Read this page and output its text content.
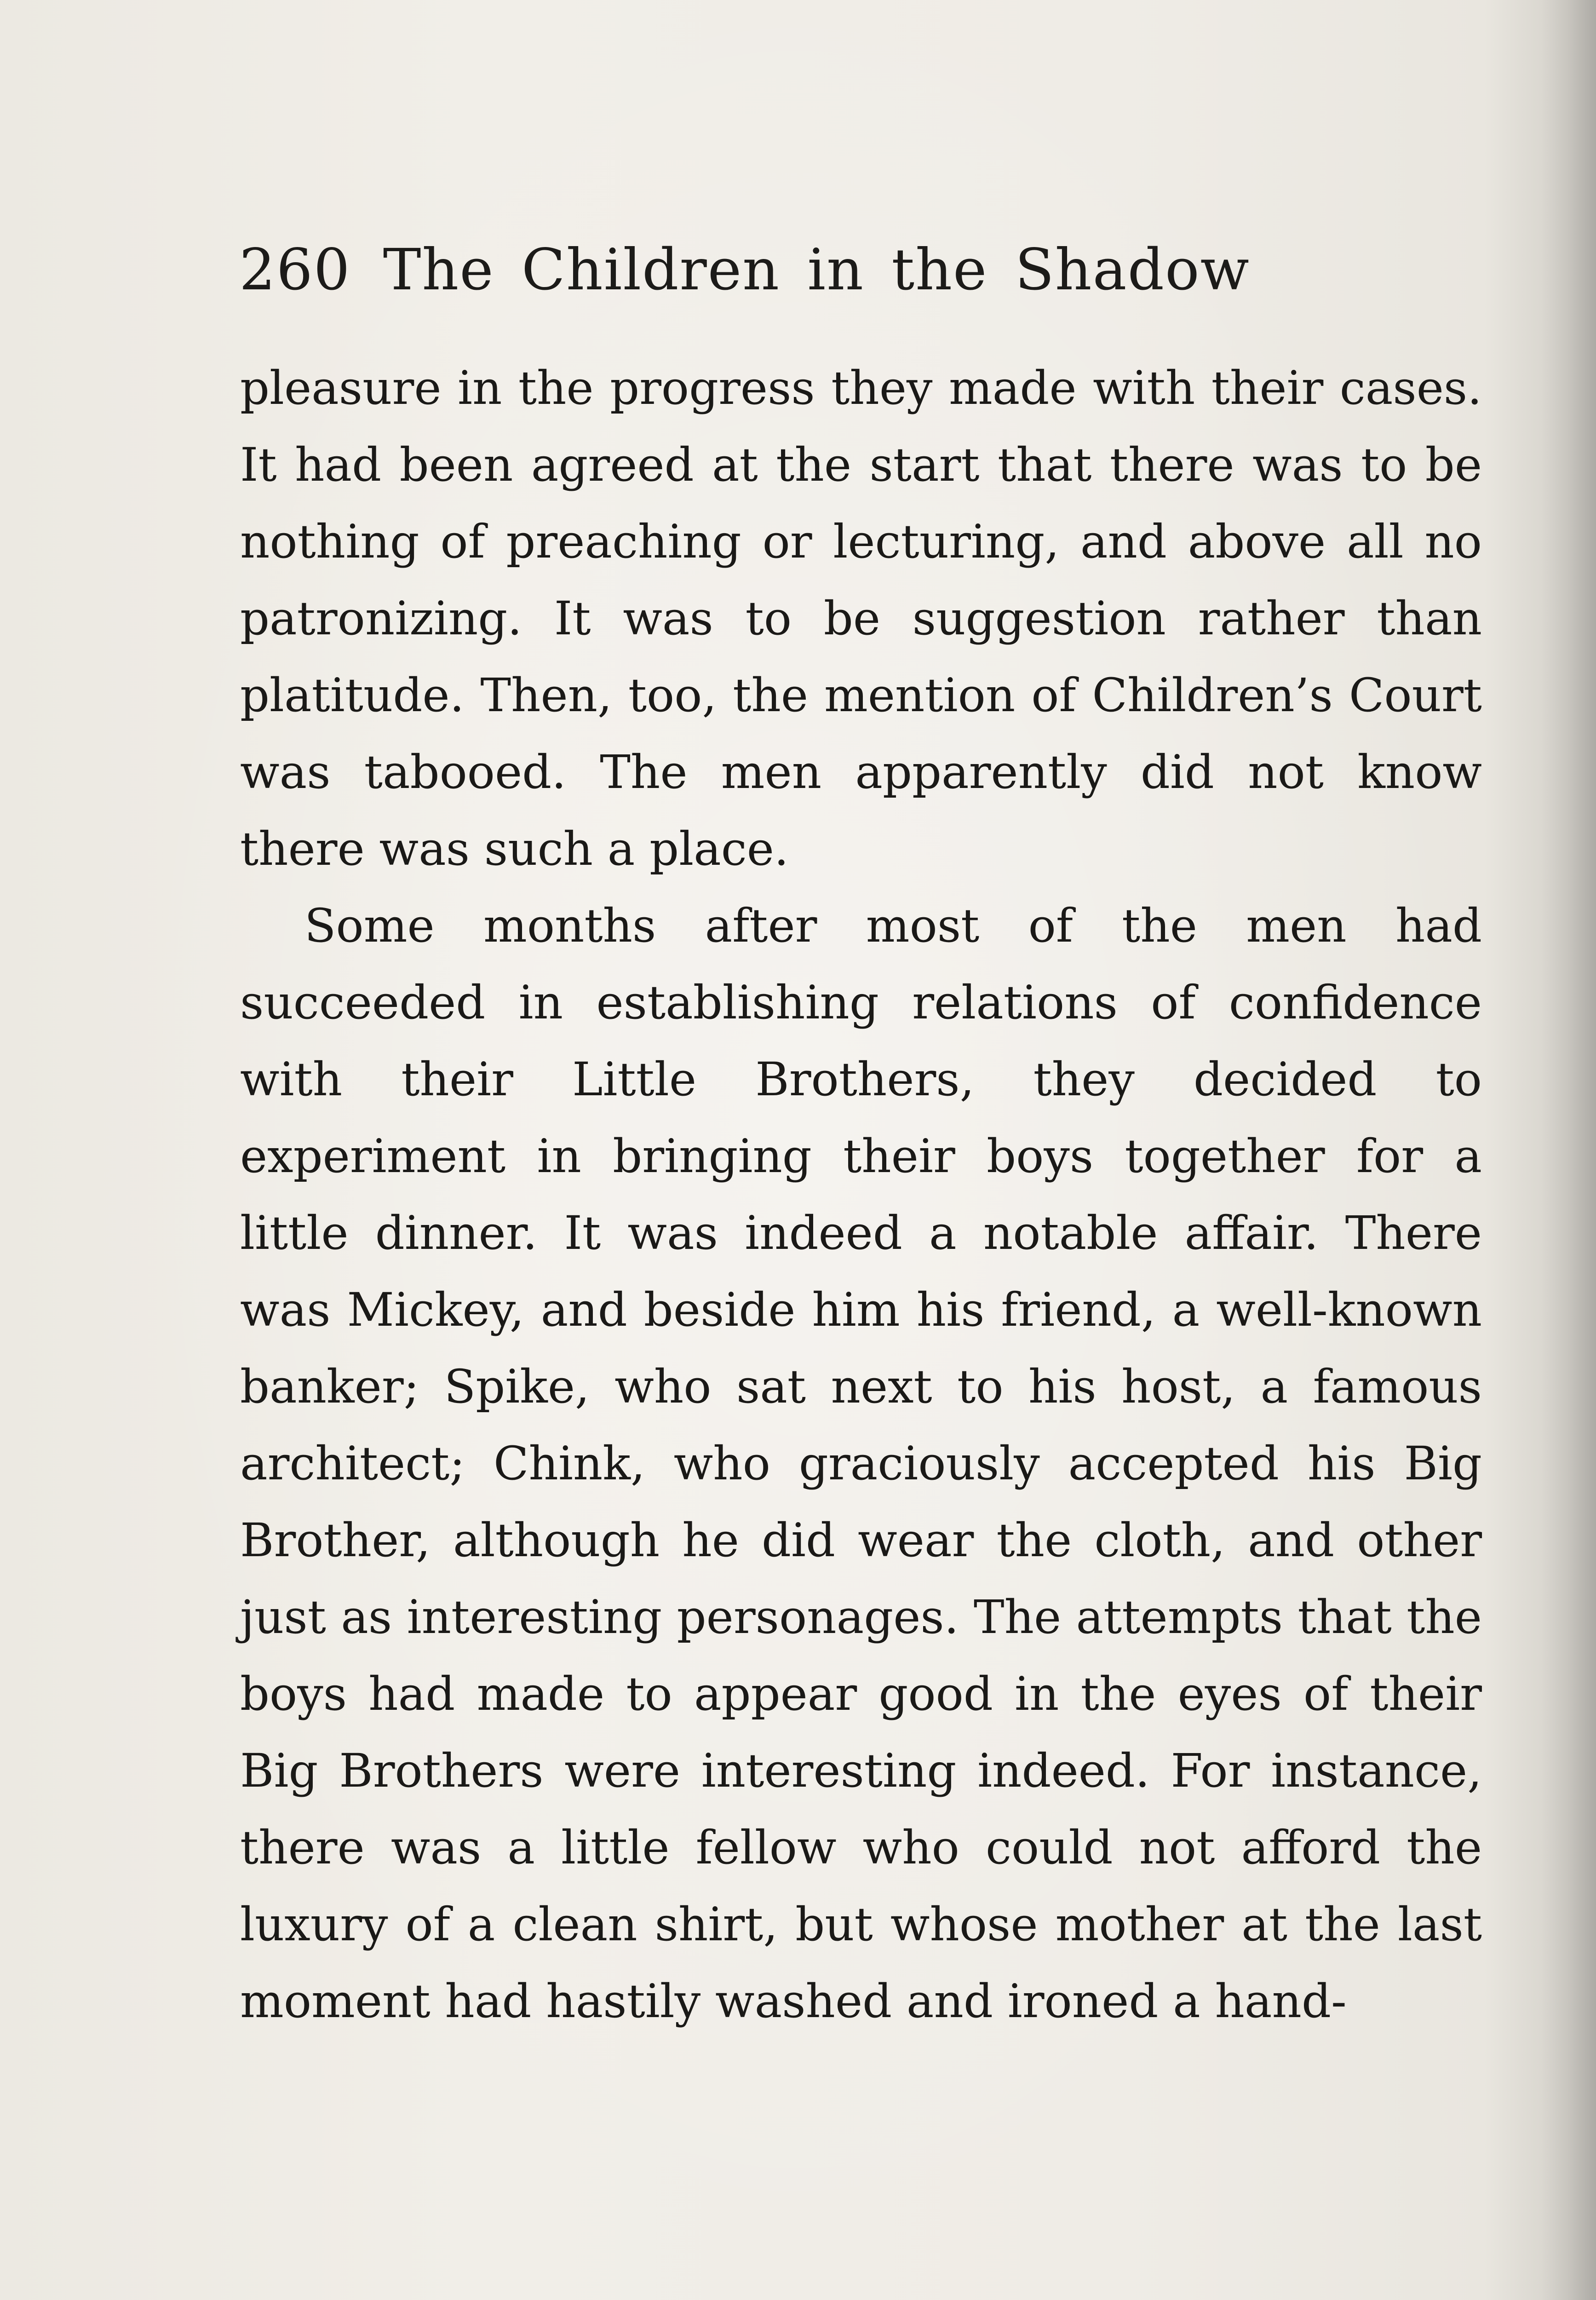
260 The Children in the Shadow

pleasure in the progress they made with their cases. It had been agreed at the start that there was to be nothing of preaching or lecturing, and above all no patronizing. It was to be suggestion rather than platitude. Then, too, the mention of Children’s Court was tabooed. The men apparently did not know there was such a place.

Some months after most of the men had succeeded in establishing relations of confidence with their Little Brothers, they decided to experiment in bringing their boys together for a little dinner. It was indeed a notable affair. There was Mickey, and beside him his friend, a well-known banker; Spike, who sat next to his host, a famous architect; Chink, who graciously accepted his Big Brother, although he did wear the cloth, and other just as interesting personages. The attempts that the boys had made to appear good in the eyes of their Big Brothers were interesting indeed. For instance, there was a little fellow who could not afford the luxury of a clean shirt, but whose mother at the last moment had hastily washed and ironed a hand-
